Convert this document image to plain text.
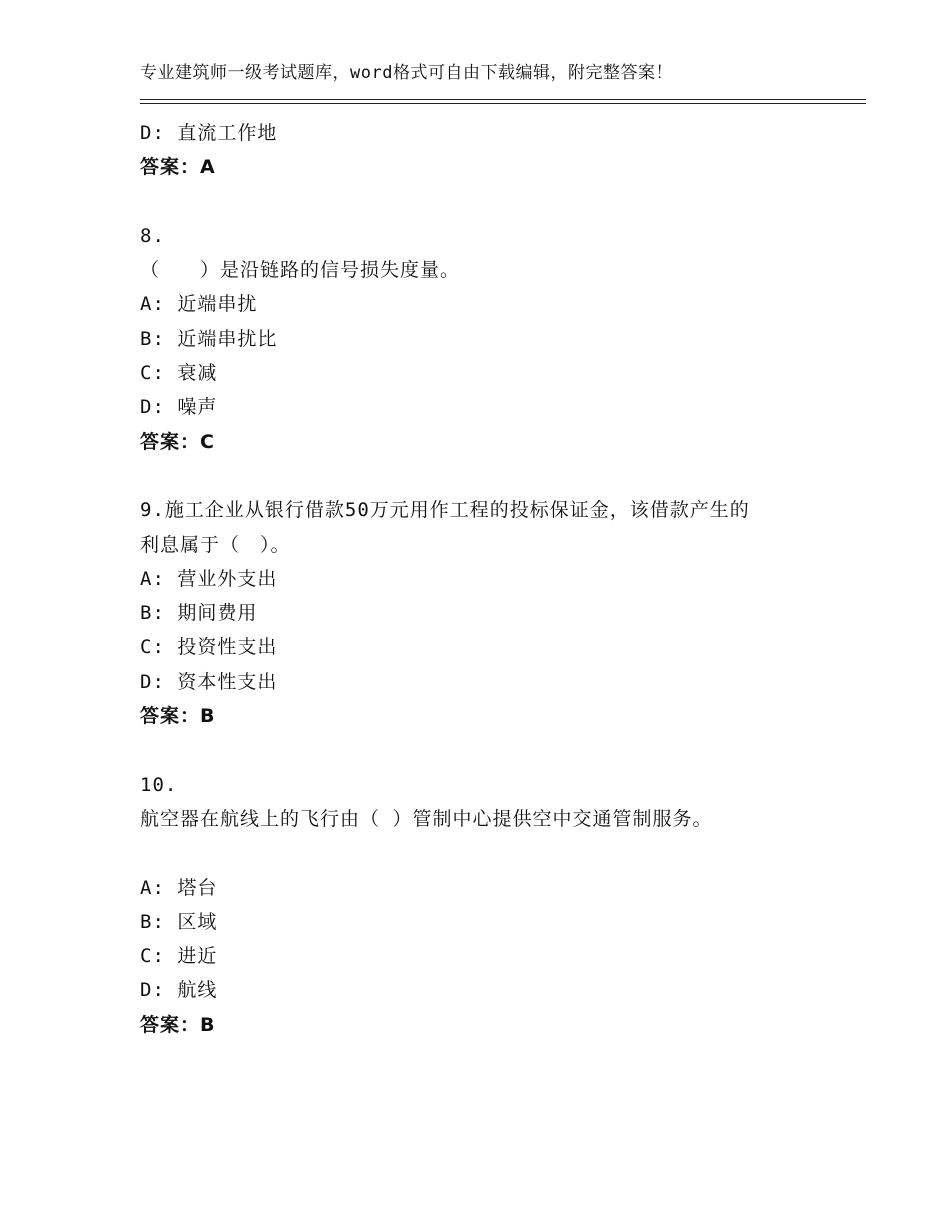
专业建筑师一级考试题库，word格式可自由下载编辑，附完整答案！
D: 直流工作地
答案：A
8.
（　　）是沿链路的信号损失度量。
A: 近端串扰
B: 近端串扰比
C: 衰减
D: 噪声
答案：C
9.施工企业从银行借款50万元用作工程的投标保证金，该借款产生的
利息属于（　）。
A: 营业外支出
B: 期间费用
C: 投资性支出
D: 资本性支出
答案：B
10.
航空器在航线上的飞行由（ ）管制中心提供空中交通管制服务。
A: 塔台
B: 区域
C: 进近
D: 航线
答案：B
